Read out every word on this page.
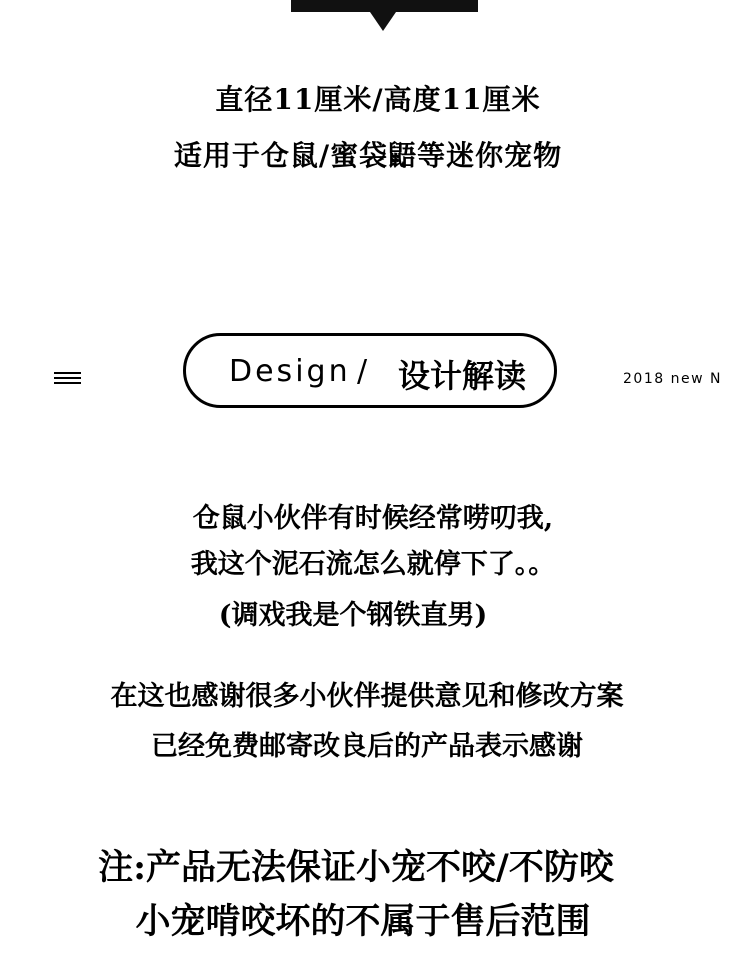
直径11厘米/高度11厘米
适用于仓鼠/蜜袋鼯等迷你宠物
Design / 设计解读	2018 new N
仓鼠小伙伴有时候经常唠叨我,
我这个泥石流怎么就停下了。。
(调戏我是个钢铁直男)
在这也感谢很多小伙伴提供意见和修改方案
已经免费邮寄改良后的产品表示感谢
注:产品无法保证小宠不咬/不防咬
小宠啃咬坏的不属于售后范围
